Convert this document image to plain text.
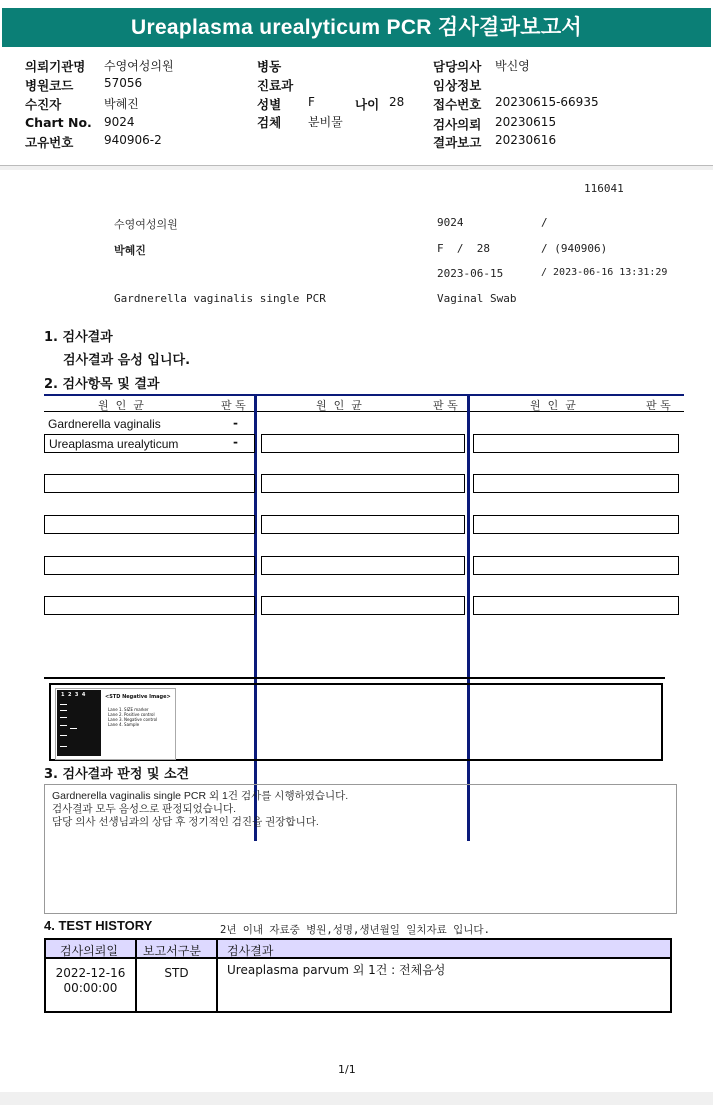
Ureaplasma urealyticum PCR 검사결과보고서
의뢰기관명 수영여성의원
병원코드	57056
수진자	박혜진
Chart No. 9024
고유번호	940906-2
병동
진료과
성별 F	나이 28
검체 분비물
담당의사 박신영
임상정보
접수번호 20230615-66935
검사의뢰 20230615
결과보고 20230616
116041
수영여성의원	9024	/
박혜진	F  /  28	/ (940906)
2023-06-15	/ 2023-06-16 13:31:29
Gardnerella vaginalis single PCR	Vaginal Swab
1. 검사결과
검사결과 음성 입니다.
2. 검사항목 및 결과
원  인  균	판 독	원  인  균	판 독	원  인  균	판 독
Gardnerella vaginalis	-
Ureaplasma urealyticum	-
1  2  3  4	<STD Negative Image>
Lane 1. SIZE marker
Lane 2. Positive control
Lane 3. Negative control
Lane 4. Sample
3. 검사결과 판정 및 소견
Gardnerella vaginalis single PCR 외 1건 검사를 시행하였습니다.
검사결과 모두 음성으로 판정되었습니다.
담당 의사 선생님과의 상담 후 정기적인 검진을 권장합니다.
4. TEST HISTORY	2년 이내 자료중 병원,성명,생년월일 일치자료 입니다.
검사의뢰일 보고서구분 검사결과
2022-12-16
00:00:00
STD	Ureaplasma parvum 외 1건 : 전체음성
1/1
